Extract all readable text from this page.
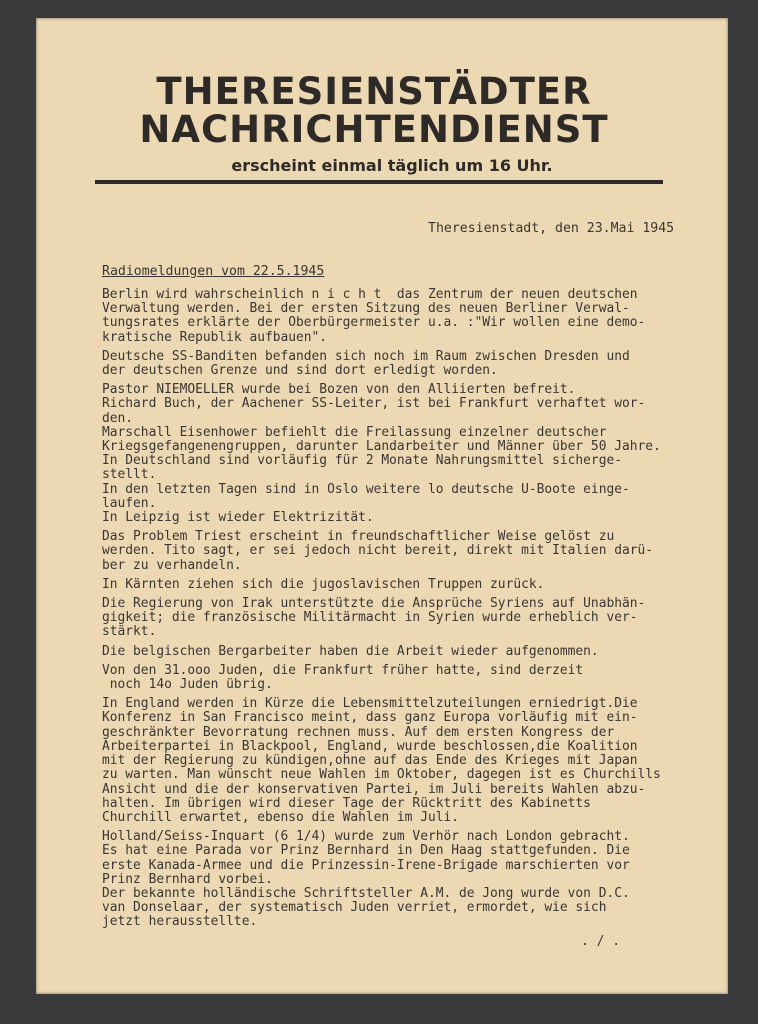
THERESIENSTÄDTER
NACHRICHTENDIENST
erscheint einmal täglich um 16 Uhr.
Theresienstadt, den 23.Mai 1945
Radiomeldungen vom 22.5.1945
Berlin wird wahrscheinlich n i c h t  das Zentrum der neuen deutschen
Verwaltung werden. Bei der ersten Sitzung des neuen Berliner Verwal-
tungsrates erklärte der Oberbürgermeister u.a. :"Wir wollen eine demo-
kratische Republik aufbauen".
Deutsche SS-Banditen befanden sich noch im Raum zwischen Dresden und
der deutschen Grenze und sind dort erledigt worden.
Pastor NIEMOELLER wurde bei Bozen von den Alliierten befreit.
Richard Buch, der Aachener SS-Leiter, ist bei Frankfurt verhaftet wor-
den.
Marschall Eisenhower befiehlt die Freilassung einzelner deutscher
Kriegsgefangenengruppen, darunter Landarbeiter und Männer über 50 Jahre.
In Deutschland sind vorläufig für 2 Monate Nahrungsmittel sicherge-
stellt.
In den letzten Tagen sind in Oslo weitere lo deutsche U-Boote einge-
laufen.
In Leipzig ist wieder Elektrizität.
Das Problem Triest erscheint in freundschaftlicher Weise gelöst zu
werden. Tito sagt, er sei jedoch nicht bereit, direkt mit Italien darü-
ber zu verhandeln.
In Kärnten ziehen sich die jugoslavischen Truppen zurück.
Die Regierung von Irak unterstützte die Ansprüche Syriens auf Unabhän-
gigkeit; die französische Militärmacht in Syrien wurde erheblich ver-
stärkt.
Die belgischen Bergarbeiter haben die Arbeit wieder aufgenommen.
Von den 31.ooo Juden, die Frankfurt früher hatte, sind derzeit
noch 14o Juden übrig.
In England werden in Kürze die Lebensmittelzuteilungen erniedrigt.Die
Konferenz in San Francisco meint, dass ganz Europa vorläufig mit ein-
geschränkter Bevorratung rechnen muss. Auf dem ersten Kongress der
Arbeiterpartei in Blackpool, England, wurde beschlossen,die Koalition
mit der Regierung zu kündigen,ohne auf das Ende des Krieges mit Japan
zu warten. Man wünscht neue Wahlen im Oktober, dagegen ist es Churchills
Ansicht und die der konservativen Partei, im Juli bereits Wahlen abzu-
halten. Im übrigen wird dieser Tage der Rücktritt des Kabinetts
Churchill erwartet, ebenso die Wahlen im Juli.
Holland/Seiss-Inquart (6 1/4) wurde zum Verhör nach London gebracht.
Es hat eine Parada vor Prinz Bernhard in Den Haag stattgefunden. Die
erste Kanada-Armee und die Prinzessin-Irene-Brigade marschierten vor
Prinz Bernhard vorbei.
Der bekannte holländische Schriftsteller A.M. de Jong wurde von D.C.
van Donselaar, der systematisch Juden verriet, ermordet, wie sich
jetzt herausstellte.
. / .
